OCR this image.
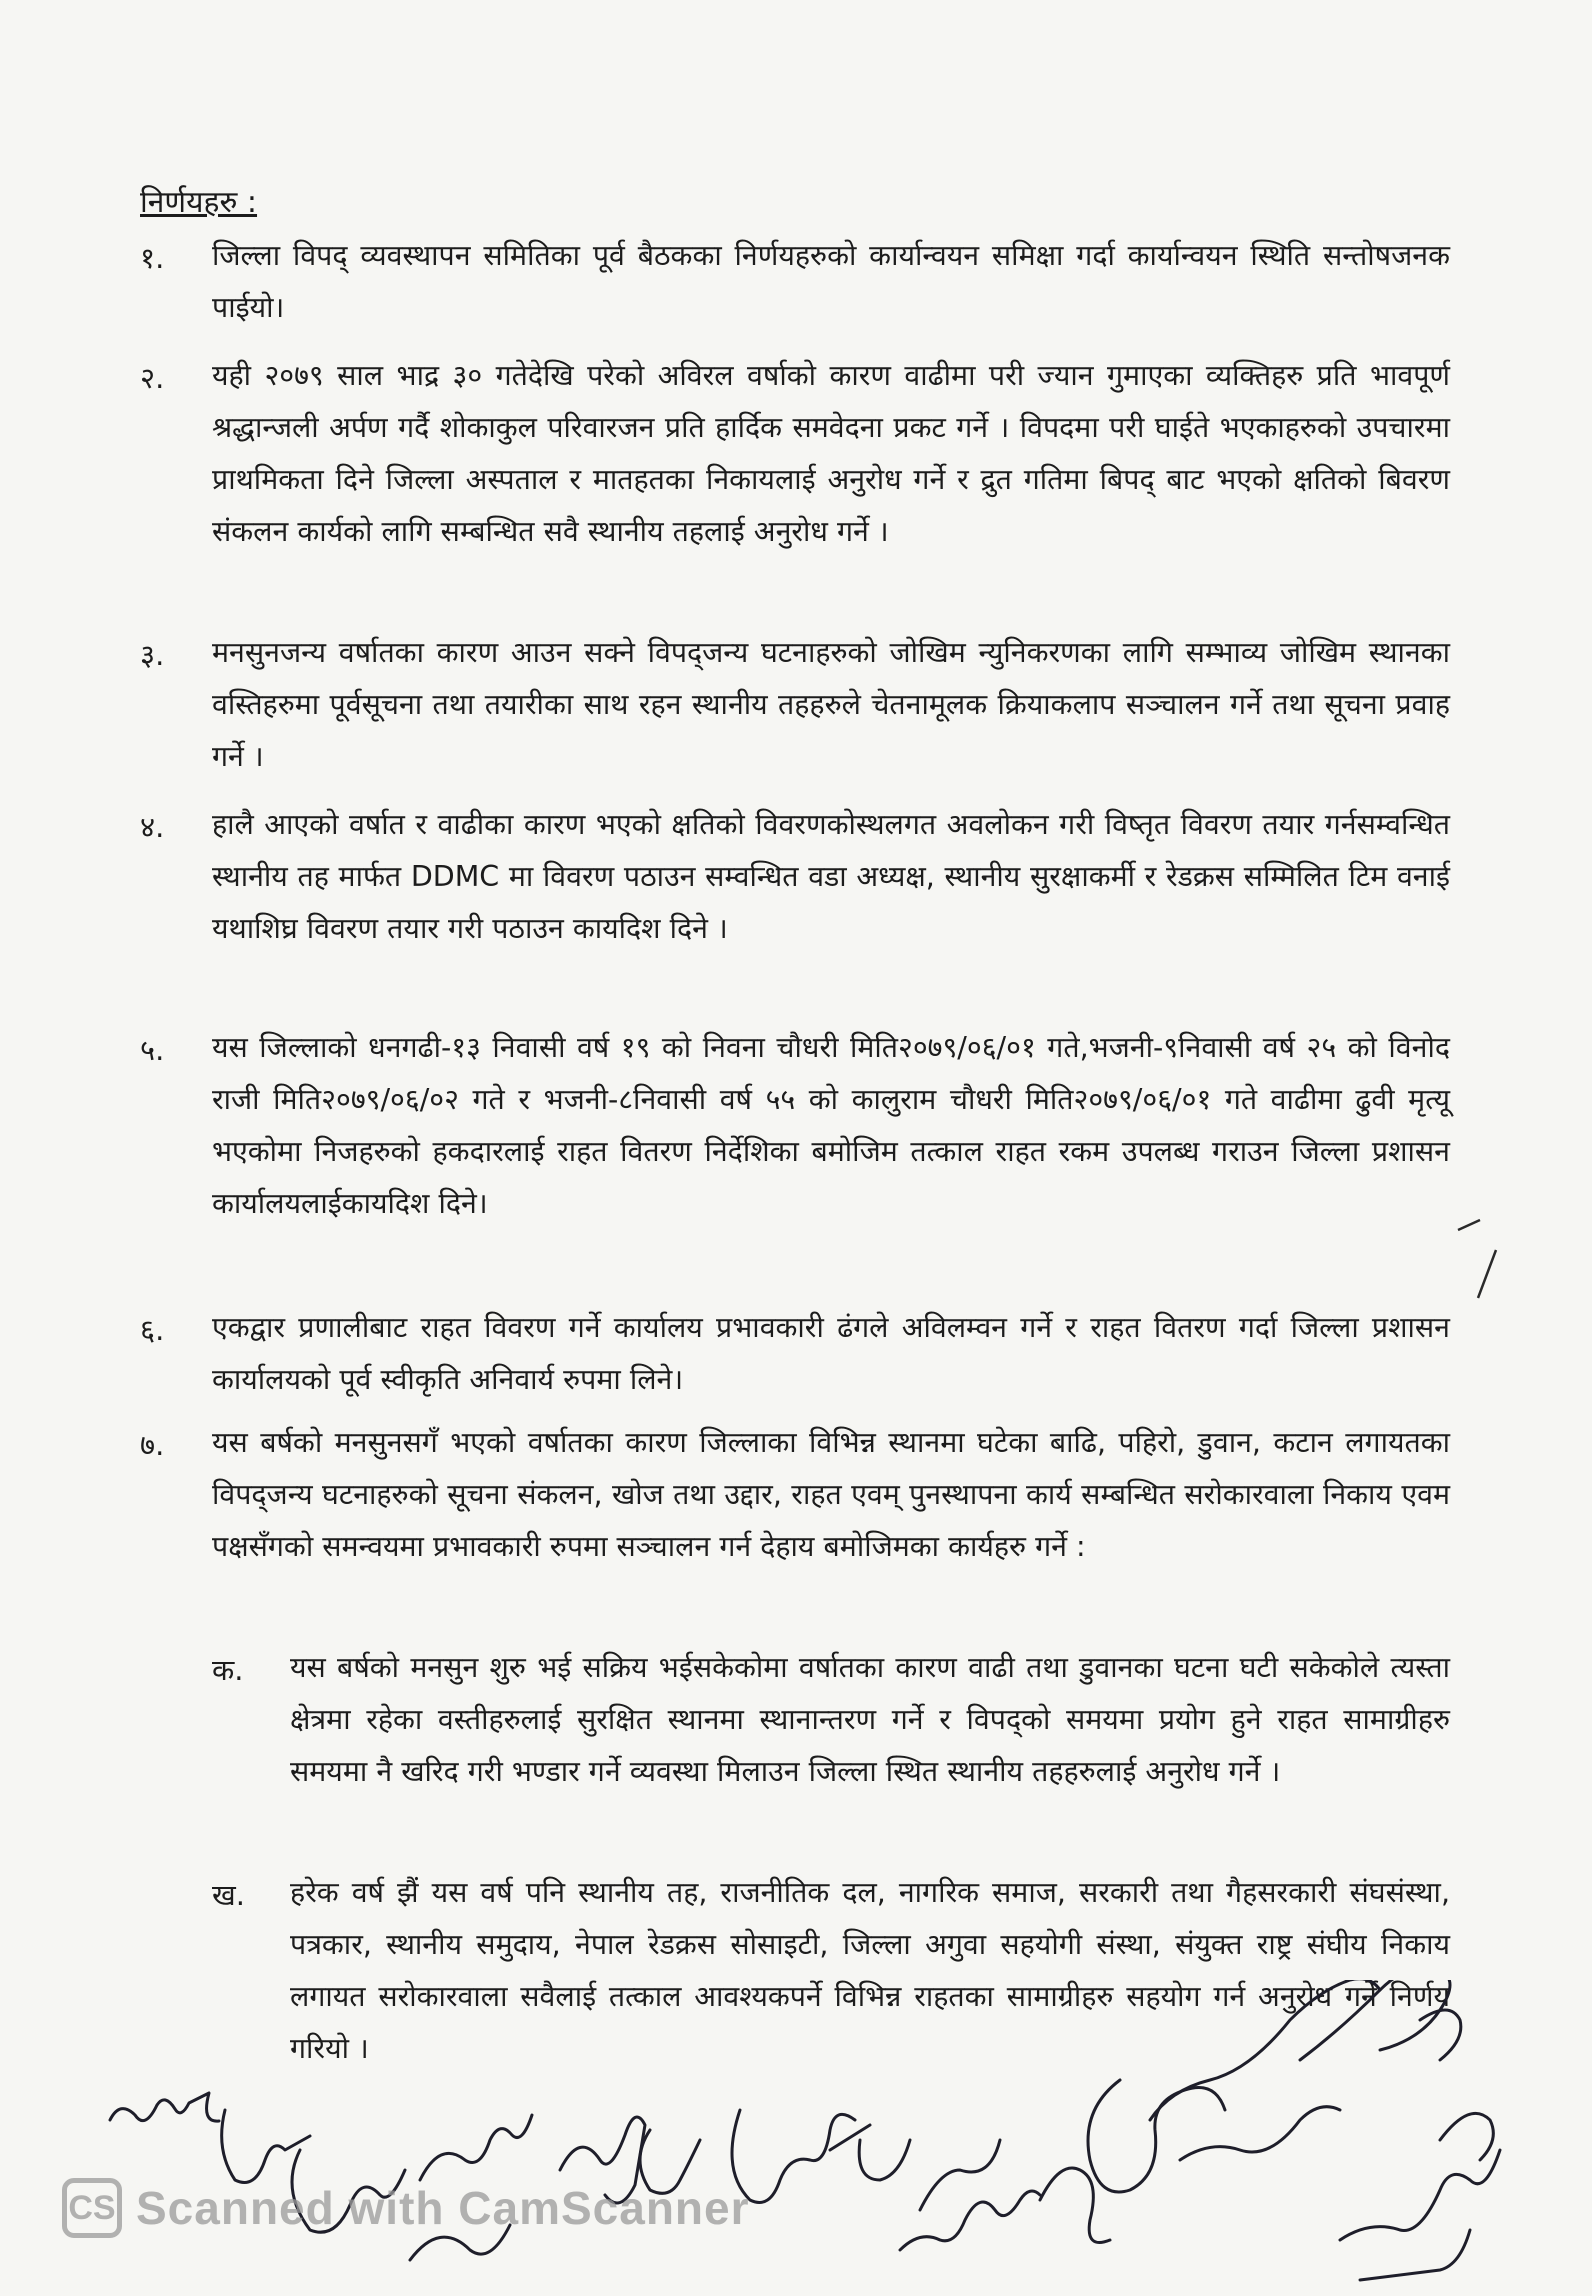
निर्णयहरु :
१. जिल्ला विपद् व्यवस्थापन समितिका पूर्व बैठकका निर्णयहरुको कार्यान्वयन समिक्षा गर्दा कार्यान्वयन स्थिति सन्तोषजनक पाईयो।
२. यही २०७९ साल भाद्र ३० गतेदेखि परेको अविरल वर्षाको कारण वाढीमा परी ज्यान गुमाएका व्यक्तिहरु प्रति भावपूर्ण श्रद्धान्जली अर्पण गर्दै शोकाकुल परिवारजन प्रति हार्दिक समवेदना प्रकट गर्ने । विपदमा परी घाईते भएकाहरुको उपचारमा प्राथमिकता दिने जिल्ला अस्पताल र मातहतका निकायलाई अनुरोध गर्ने र द्रुत गतिमा बिपद् बाट भएको क्षतिको बिवरण संकलन कार्यको लागि सम्बन्धित सवै स्थानीय तहलाई अनुरोध गर्ने ।
३. मनसुनजन्य वर्षातका कारण आउन सक्ने विपद्जन्य घटनाहरुको जोखिम न्युनिकरणका लागि सम्भाव्य जोखिम स्थानका वस्तिहरुमा पूर्वसूचना तथा तयारीका साथ रहन स्थानीय तहहरुले चेतनामूलक क्रियाकलाप सञ्चालन गर्ने तथा सूचना प्रवाह गर्ने ।
४. हालै आएको वर्षात र वाढीका कारण भएको क्षतिको विवरणकोस्थलगत अवलोकन गरी विष्तृत विवरण तयार गर्नसम्वन्धित स्थानीय तह मार्फत DDMC मा विवरण पठाउन सम्वन्धित वडा अध्यक्ष, स्थानीय सुरक्षाकर्मी र रेडक्रस सम्मिलित टिम वनाई यथाशिघ्र विवरण तयार गरी पठाउन कायदिश दिने ।
५. यस जिल्लाको धनगढी-१३ निवासी वर्ष १९ को निवना चौधरी मिति२०७९/०६/०१ गते,भजनी-९निवासी वर्ष २५ को विनोद राजी मिति२०७९/०६/०२ गते र भजनी-८निवासी वर्ष ५५ को कालुराम चौधरी मिति२०७९/०६/०१ गते वाढीमा ढुवी मृत्यू भएकोमा निजहरुको हकदारलाई राहत वितरण निर्देशिका बमोजिम तत्काल राहत रकम उपलब्ध गराउन जिल्ला प्रशासन कार्यालयलाईकायदिश दिने।
६. एकद्वार प्रणालीबाट राहत विवरण गर्ने कार्यालय प्रभावकारी ढंगले अविलम्वन गर्ने र राहत वितरण गर्दा जिल्ला प्रशासन कार्यालयको पूर्व स्वीकृति अनिवार्य रुपमा लिने।
७. यस बर्षको मनसुनसगँ भएको वर्षातका कारण जिल्लाका विभिन्न स्थानमा घटेका बाढि, पहिरो, डुवान, कटान लगायतका विपद्जन्य घटनाहरुको सूचना संकलन, खोज तथा उद्दार, राहत एवम् पुनस्थापना कार्य सम्बन्धित सरोकारवाला निकाय एवम पक्षसँगको समन्वयमा प्रभावकारी रुपमा सञ्चालन गर्न देहाय बमोजिमका कार्यहरु गर्ने :
क. यस बर्षको मनसुन शुरु भई सक्रिय भईसकेकोमा वर्षातका कारण वाढी तथा डुवानका घटना घटी सकेकोले त्यस्ता क्षेत्रमा रहेका वस्तीहरुलाई सुरक्षित स्थानमा स्थानान्तरण गर्ने र विपद्को समयमा प्रयोग हुने राहत सामाग्रीहरु समयमा नै खरिद गरी भण्डार गर्ने व्यवस्था मिलाउन जिल्ला स्थित स्थानीय तहहरुलाई अनुरोध गर्ने ।
ख. हरेक वर्ष झैं यस वर्ष पनि स्थानीय तह, राजनीतिक दल, नागरिक समाज, सरकारी तथा गैहसरकारी संघसंस्था, पत्रकार, स्थानीय समुदाय, नेपाल रेडक्रस सोसाइटी, जिल्ला अगुवा सहयोगी संस्था, संयुक्त राष्ट्र संघीय निकाय लगायत सरोकारवाला सवैलाई तत्काल आवश्यकपर्ने विभिन्न राहतका सामाग्रीहरु सहयोग गर्न अनुरोध गर्ने निर्णय गरियो ।
CS Scanned with CamScanner
